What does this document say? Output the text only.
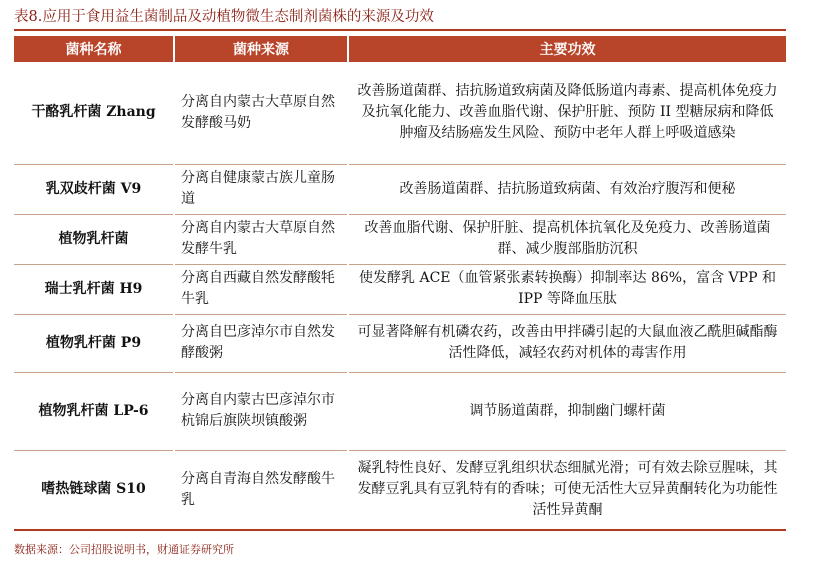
表8.应用于食用益生菌制品及动植物微生态制剂菌株的来源及功效
菌种名称	菌种来源	主要功效
干酪乳杆菌 Zhang	分离自内蒙古大草原自然发酵酸马奶	改善肠道菌群、拮抗肠道致病菌及降低肠道内毒素、提高机体免疫力及抗氧化能力、改善血脂代谢、保护肝脏、预防 II 型糖尿病和降低肿瘤及结肠癌发生风险、预防中老年人群上呼吸道感染
乳双歧杆菌 V9	分离自健康蒙古族儿童肠道	改善肠道菌群、拮抗肠道致病菌、有效治疗腹泻和便秘
植物乳杆菌	分离自内蒙古大草原自然发酵牛乳	改善血脂代谢、保护肝脏、提高机体抗氧化及免疫力、改善肠道菌群、减少腹部脂肪沉积
瑞士乳杆菌 H9	分离自西藏自然发酵酸牦牛乳	使发酵乳 ACE（血管紧张素转换酶）抑制率达 86%，富含 VPP 和 IPP 等降血压肽
植物乳杆菌 P9	分离自巴彦淖尔市自然发酵酸粥	可显著降解有机磷农药，改善由甲拌磷引起的大鼠血液乙酰胆碱酯酶活性降低，减轻农药对机体的毒害作用
植物乳杆菌 LP-6	分离自内蒙古巴彦淖尔市杭锦后旗陕坝镇酸粥	调节肠道菌群，抑制幽门螺杆菌
嗜热链球菌 S10	分离自青海自然发酵酸牛乳	凝乳特性良好、发酵豆乳组织状态细腻光滑；可有效去除豆腥味，其发酵豆乳具有豆乳特有的香味；可使无活性大豆异黄酮转化为功能性活性异黄酮
数据来源：公司招股说明书，财通证券研究所
